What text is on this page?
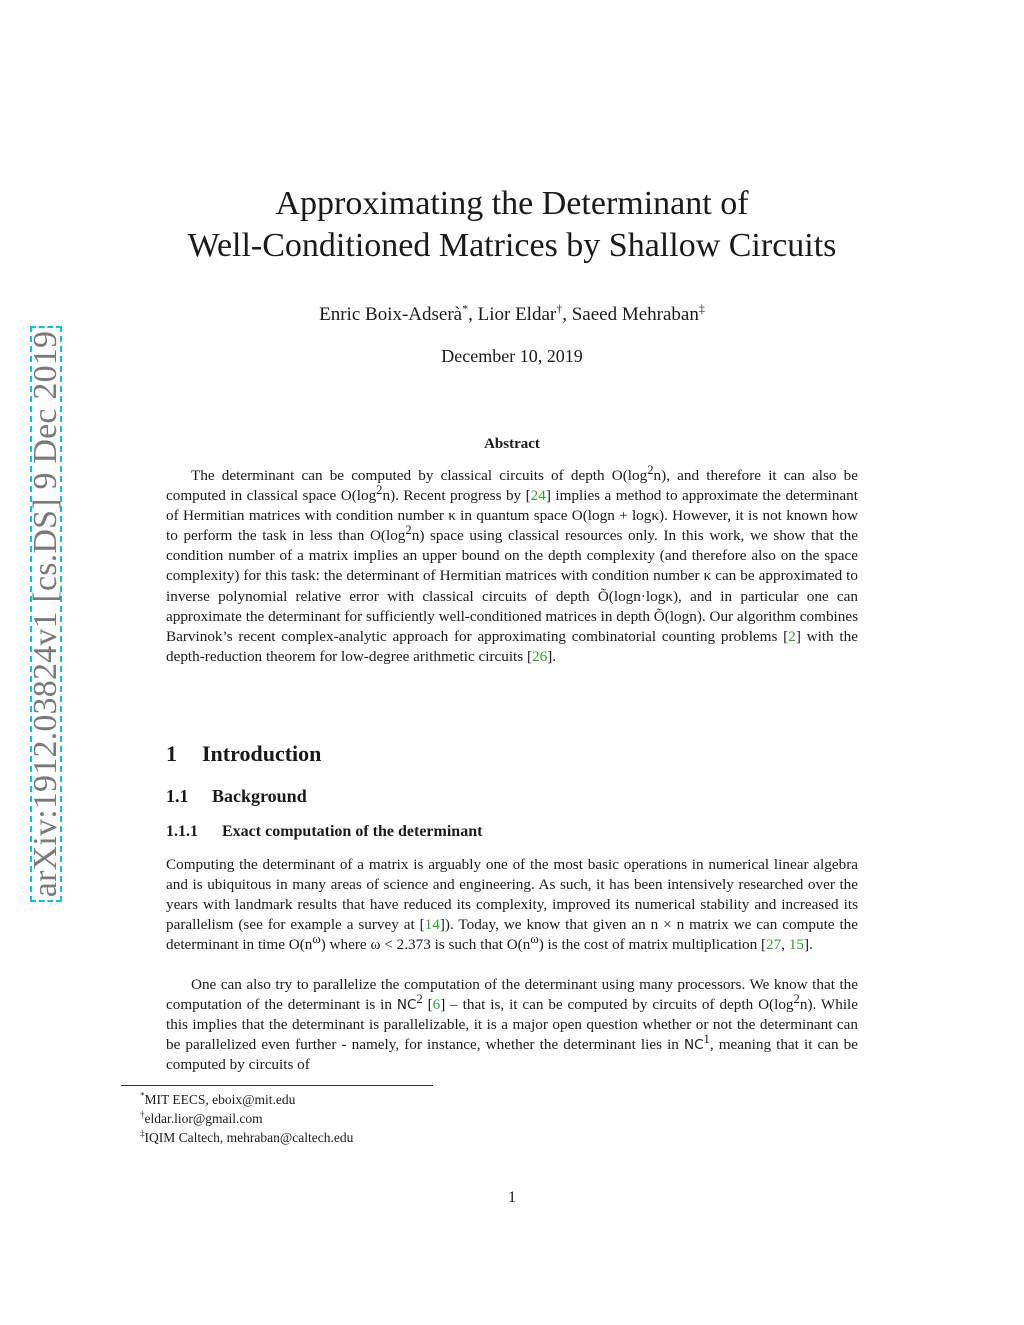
arXiv:1912.03824v1 [cs.DS] 9 Dec 2019
Approximating the Determinant of
Well-Conditioned Matrices by Shallow Circuits
Enric Boix-Adserà*, Lior Eldar†, Saeed Mehraban‡
December 10, 2019
Abstract
The determinant can be computed by classical circuits of depth $O(\log^2n)$, and therefore it can also be computed in classical space $O(\log^2n)$. Recent progress by [24] implies a method to approximate the determinant of Hermitian matrices with condition number κ in quantum space O(logn + logκ). However, it is not known how to perform the task in less than $O(\log^2n)$ space using classical resources only. In this work, we show that the condition number of a matrix implies an upper bound on the depth complexity (and therefore also on the space complexity) for this task: the determinant of Hermitian matrices with condition number κ can be approximated to inverse polynomial relative error with classical circuits of depth Õ(logn·logκ), and in particular one can approximate the determinant for sufficiently well-conditioned matrices in depth Õ(logn). Our algorithm combines Barvinok’s recent complex-analytic approach for approximating combinatorial counting problems [2] with the depth-reduction theorem for low-degree arithmetic circuits [26].
1 Introduction
1.1 Background
1.1.1 Exact computation of the determinant
Computing the determinant of a matrix is arguably one of the most basic operations in numerical linear algebra and is ubiquitous in many areas of science and engineering. As such, it has been intensively researched over the years with landmark results that have reduced its complexity, improved its numerical stability and increased its parallelism (see for example a survey at [14]). Today, we know that given an n × n matrix we can compute the determinant in time $O(n^\omega)$ where ω < 2.373 is such that $O(n^\omega)$ is the cost of matrix multiplication [27, 15].
One can also try to parallelize the computation of the determinant using many processors. We know that the computation of the determinant is in $NC^2$ [6] – that is, it can be computed by circuits of depth $O(\log^2n)$. While this implies that the determinant is parallelizable, it is a major open question whether or not the determinant can be parallelized even further - namely, for instance, whether the determinant lies in $NC^1$, meaning that it can be computed by circuits of
*MIT EECS, eboix@mit.edu
†eldar.lior@gmail.com
‡IQIM Caltech, mehraban@caltech.edu
1
